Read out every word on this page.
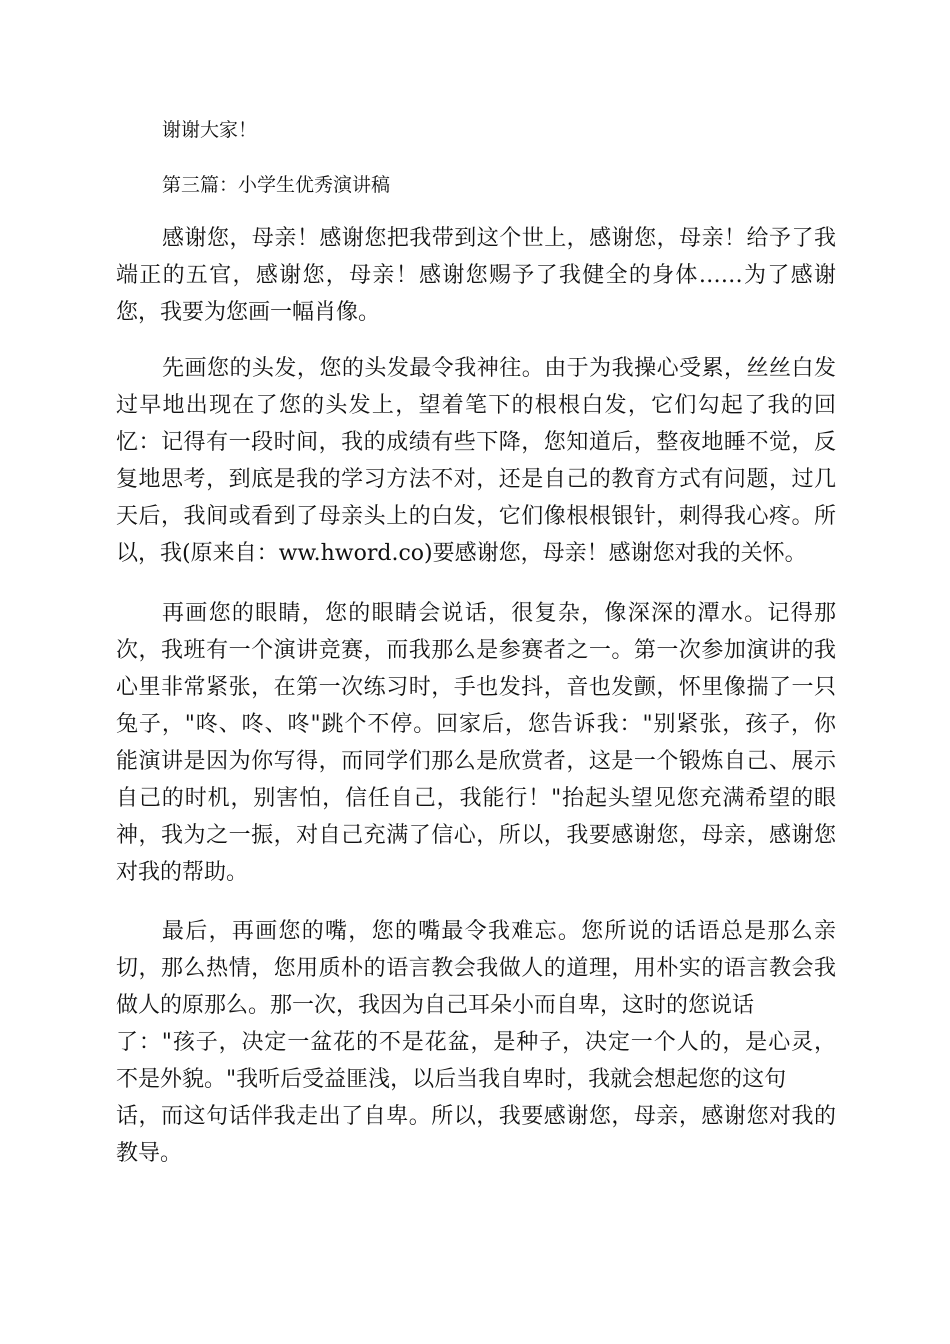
谢谢大家！

第三篇：小学生优秀演讲稿

感谢您，母亲！感谢您把我带到这个世上，感谢您，母亲！给予了我
端正的五官，感谢您，母亲！感谢您赐予了我健全的身体……为了感谢
您，我要为您画一幅肖像。
先画您的头发，您的头发最令我神往。由于为我操心受累，丝丝白发
过早地出现在了您的头发上，望着笔下的根根白发，它们勾起了我的回
忆：记得有一段时间，我的成绩有些下降，您知道后，整夜地睡不觉，反
复地思考，到底是我的学习方法不对，还是自己的教育方式有问题，过几
天后，我间或看到了母亲头上的白发，它们像根根银针，刺得我心疼。所
以，我(原来自：ww.hword.co)要感谢您，母亲！感谢您对我的关怀。
再画您的眼睛，您的眼睛会说话，很复杂，像深深的潭水。记得那
次，我班有一个演讲竞赛，而我那么是参赛者之一。第一次参加演讲的我
心里非常紧张，在第一次练习时，手也发抖，音也发颤，怀里像揣了一只
兔子，"咚、咚、咚"跳个不停。回家后，您告诉我："别紧张，孩子，你
能演讲是因为你写得，而同学们那么是欣赏者，这是一个锻炼自己、展示
自己的时机，别害怕，信任自己，我能行！"抬起头望见您充满希望的眼
神，我为之一振，对自己充满了信心，所以，我要感谢您，母亲，感谢您
对我的帮助。
最后，再画您的嘴，您的嘴最令我难忘。您所说的话语总是那么亲
切，那么热情，您用质朴的语言教会我做人的道理，用朴实的语言教会我
做人的原那么。那一次，我因为自己耳朵小而自卑，这时的您说话
了："孩子，决定一盆花的不是花盆，是种子，决定一个人的，是心灵，
不是外貌。"我听后受益匪浅，以后当我自卑时，我就会想起您的这句
话，而这句话伴我走出了自卑。所以，我要感谢您，母亲，感谢您对我的
教导。
